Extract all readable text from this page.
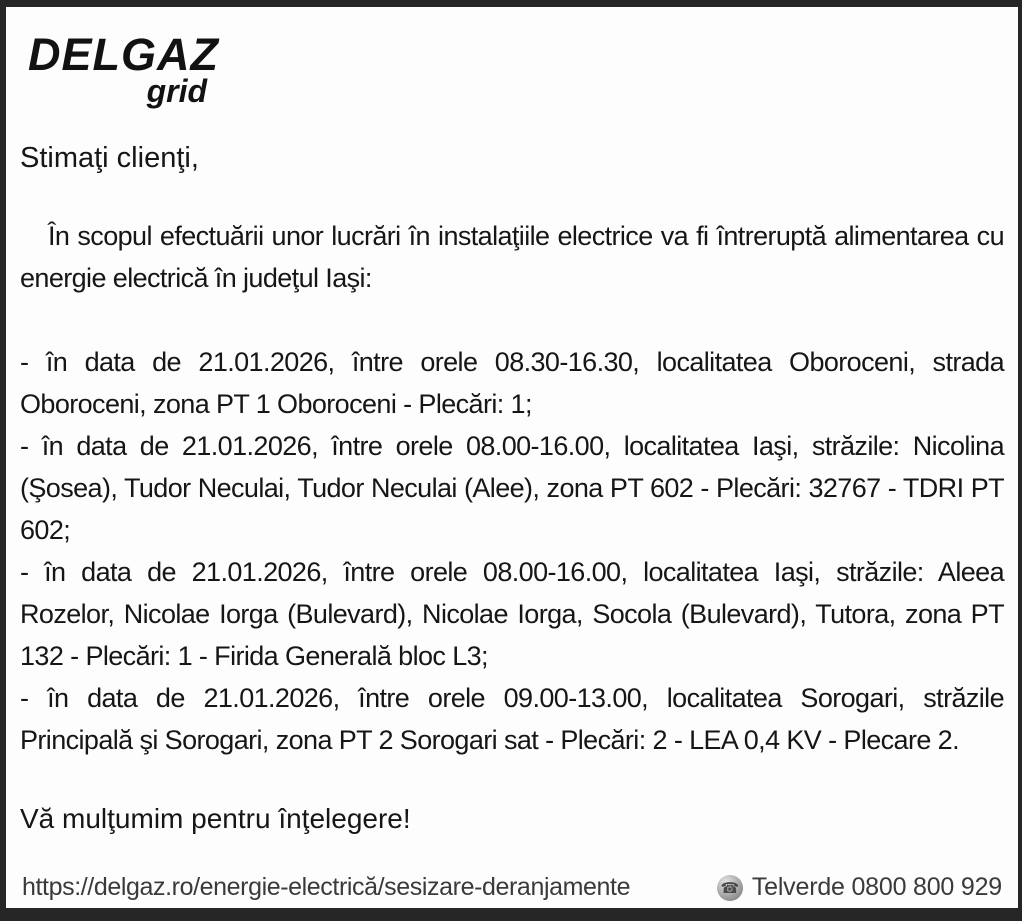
DELGAZ
grid

Stimaţi clienţi,

În scopul efectuării unor lucrări în instalaţiile electrice va fi întreruptă alimentarea cu energie electrică în judeţul Iaşi:

- în data de 21.01.2026, între orele 08.30-16.30, localitatea Oboroceni, strada Oboroceni, zona PT 1 Oboroceni - Plecări: 1;

- în data de 21.01.2026, între orele 08.00-16.00, localitatea Iaşi, străzile: Nicolina (Şosea), Tudor Neculai, Tudor Neculai (Alee), zona PT 602 - Plecări: 32767 - TDRI PT 602;

- în data de 21.01.2026, între orele 08.00-16.00, localitatea Iaşi, străzile: Aleea Rozelor, Nicolae Iorga (Bulevard), Nicolae Iorga, Socola (Bulevard), Tutora, zona PT 132 - Plecări: 1 - Firida Generală bloc L3;

- în data de 21.01.2026, între orele 09.00-13.00, localitatea Sorogari, străzile Principală şi Sorogari, zona PT 2 Sorogari sat - Plecări: 2 - LEA 0,4 KV - Plecare 2.

Vă mulţumim pentru înţelegere!

https://delgaz.ro/energie-electrică/sesizare-deranjamente	☎ Telverde 0800 800 929
